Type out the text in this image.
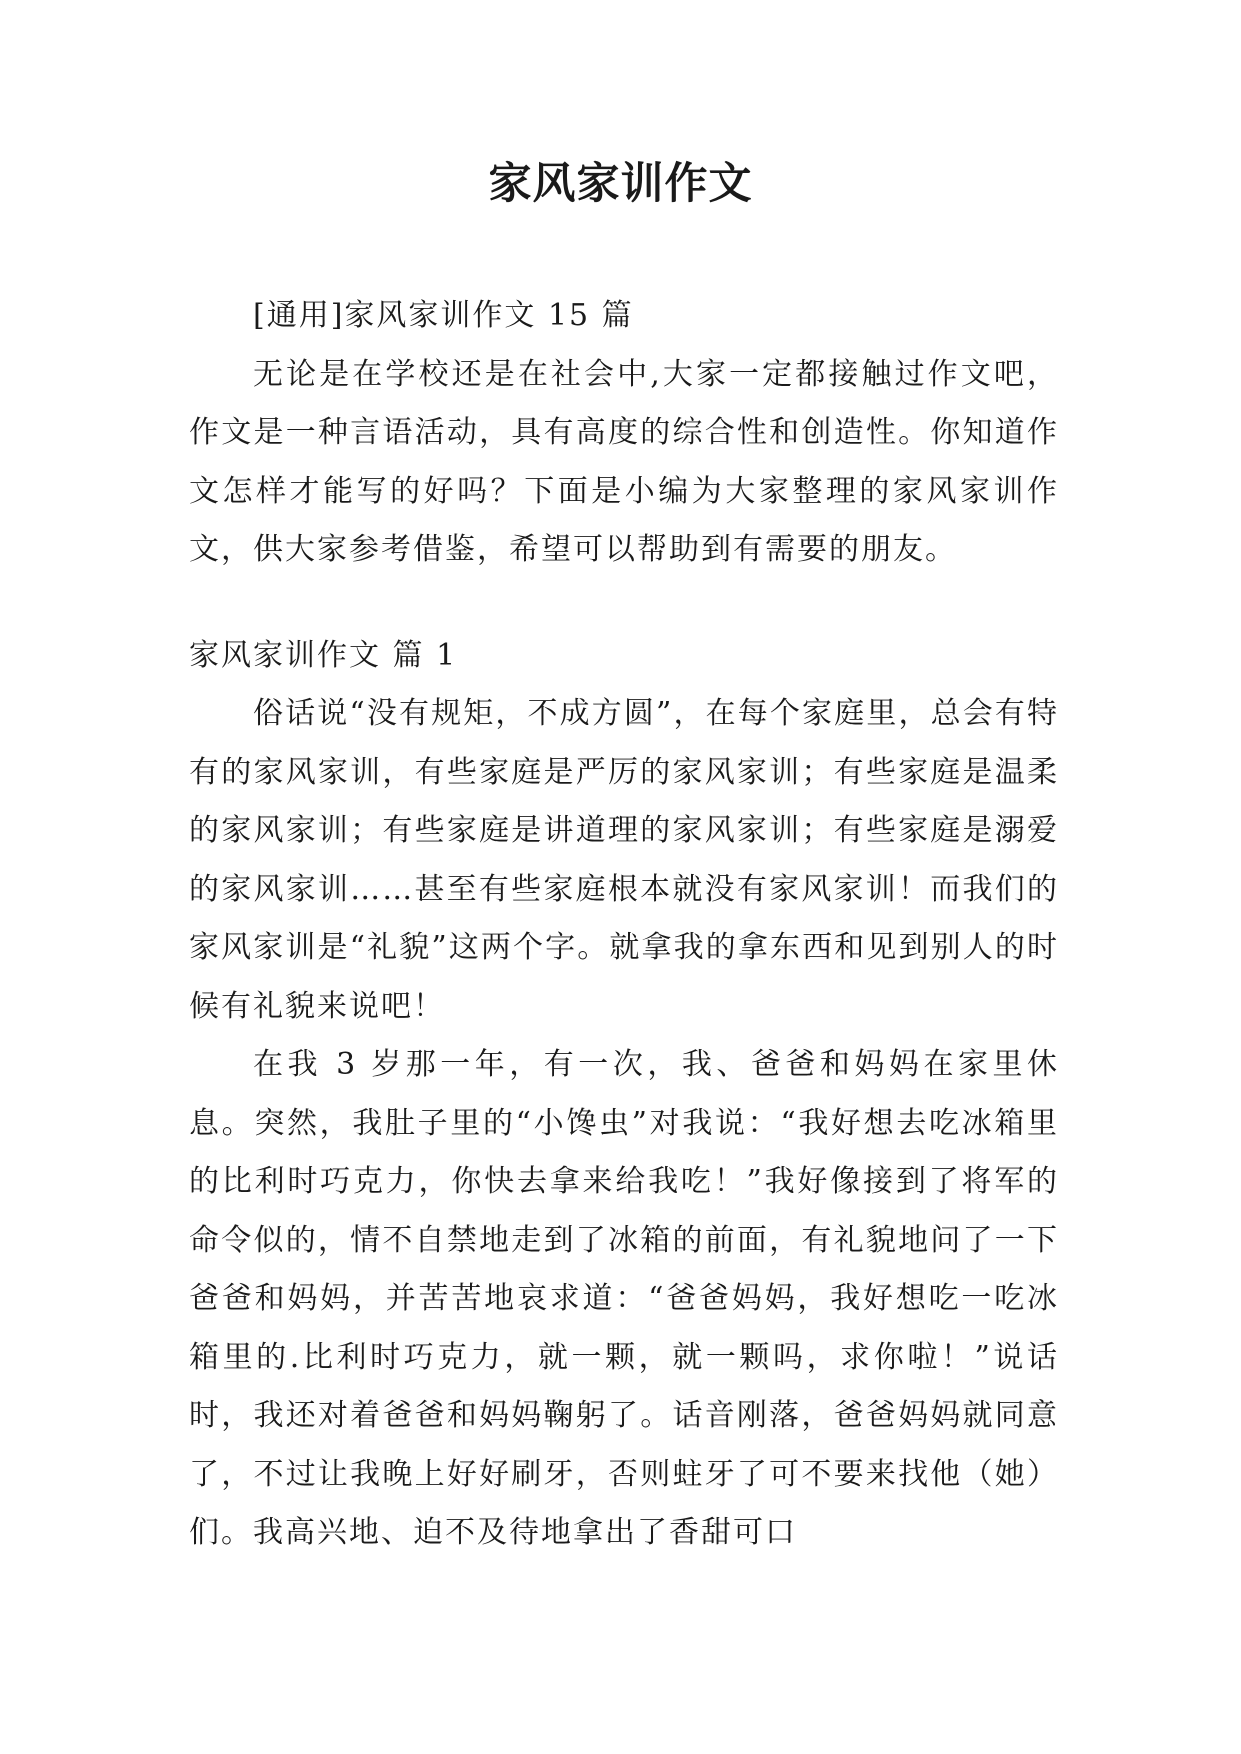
家风家训作文

[通用]家风家训作文 15 篇

无论是在学校还是在社会中,大家一定都接触过作文吧，作文是一种言语活动，具有高度的综合性和创造性。你知道作文怎样才能写的好吗？下面是小编为大家整理的家风家训作文，供大家参考借鉴，希望可以帮助到有需要的朋友。

家风家训作文 篇 1

俗话说“没有规矩，不成方圆”，在每个家庭里，总会有特有的家风家训，有些家庭是严厉的家风家训；有些家庭是温柔的家风家训；有些家庭是讲道理的家风家训；有些家庭是溺爱的家风家训……甚至有些家庭根本就没有家风家训！而我们的家风家训是“礼貌”这两个字。就拿我的拿东西和见到别人的时候有礼貌来说吧！

在我 3 岁那一年，有一次，我、爸爸和妈妈在家里休息。突然，我肚子里的“小馋虫”对我说：“我好想去吃冰箱里的比利时巧克力，你快去拿来给我吃！”我好像接到了将军的命令似的，情不自禁地走到了冰箱的前面，有礼貌地问了一下爸爸和妈妈，并苦苦地哀求道：“爸爸妈妈，我好想吃一吃冰箱里的.比利时巧克力，就一颗，就一颗吗，求你啦！”说话时，我还对着爸爸和妈妈鞠躬了。话音刚落，爸爸妈妈就同意了，不过让我晚上好好刷牙，否则蛀牙了可不要来找他（她）们。我高兴地、迫不及待地拿出了香甜可口
